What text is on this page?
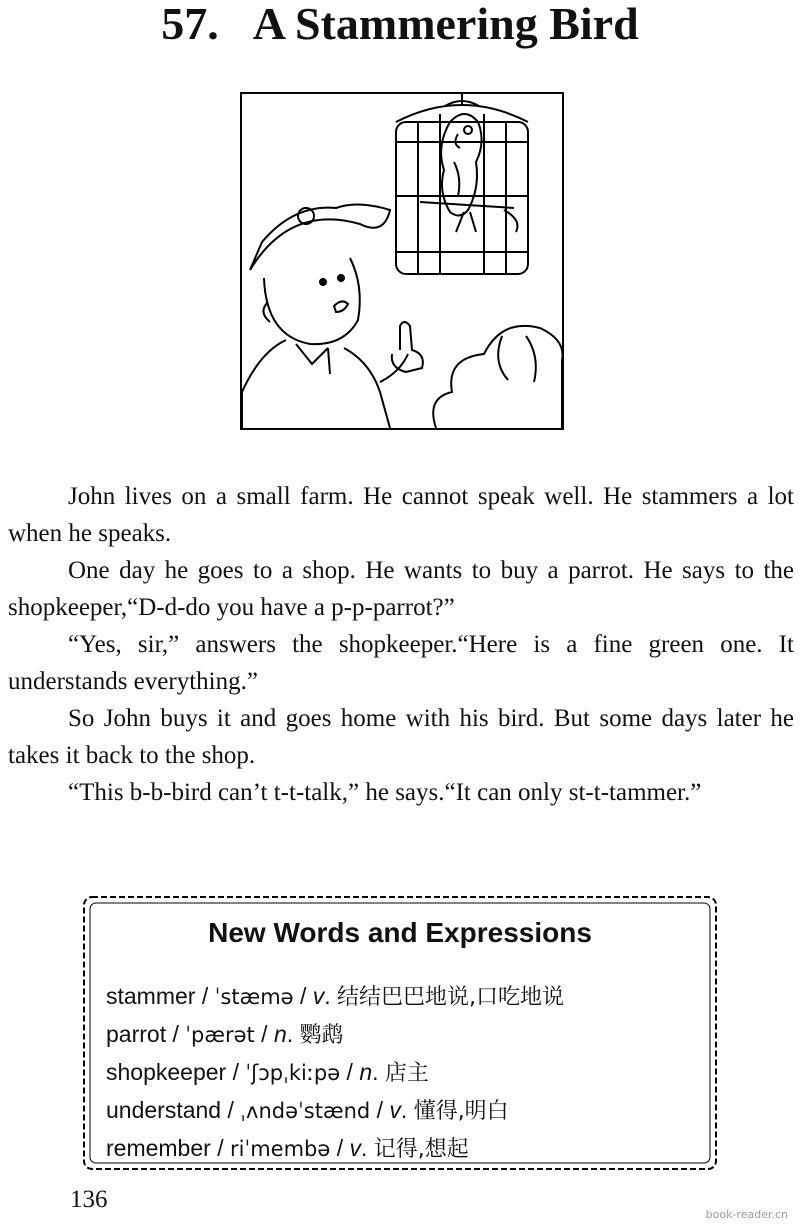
57. A Stammering Bird

John lives on a small farm. He cannot speak well. He stammers a lot when he speaks.

One day he goes to a shop. He wants to buy a parrot. He says to the shopkeeper,“D-d-do you have a p-p-parrot?”

“Yes, sir,” answers the shopkeeper.“Here is a fine green one. It understands everything.”

So John buys it and goes home with his bird. But some days later he takes it back to the shop.

“This b-b-bird can’t t-t-talk,” he says.“It can only st-t-tammer.”

New Words and Expressions
stammer / ˈstæmə / v. 结结巴巴地说,口吃地说
parrot / ˈpærət / n. 鹦鹉
shopkeeper / ˈʃɔpˌkiːpə / n. 店主
understand / ˌʌndəˈstænd / v. 懂得,明白
remember / riˈmembə / v. 记得,想起
136
book-reader.cn
